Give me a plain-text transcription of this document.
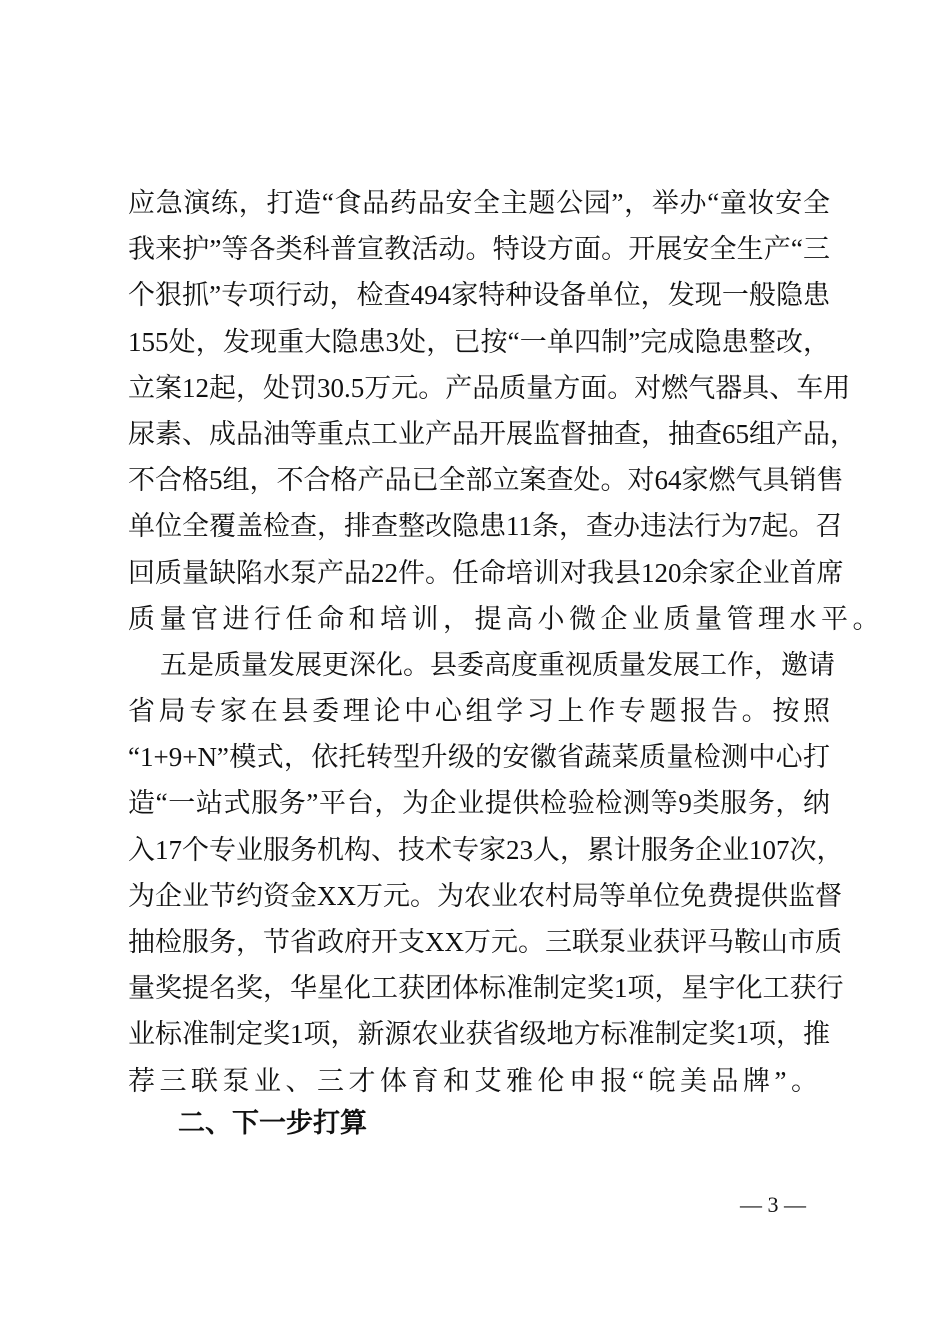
应急演练，打造“食品药品安全主题公园”，举办“童妆安全
我来护”等各类科普宣教活动。特设方面。开展安全生产“三
个狠抓”专项行动，检查494家特种设备单位，发现一般隐患
155处，发现重大隐患3处，已按“一单四制”完成隐患整改，
立案12起，处罚30.5万元。产品质量方面。对燃气器具、车用
尿素、成品油等重点工业产品开展监督抽查，抽查65组产品，
不合格5组，不合格产品已全部立案查处。对64家燃气具销售
单位全覆盖检查，排查整改隐患11条，查办违法行为7起。召
回质量缺陷水泵产品22件。任命培训对我县120余家企业首席
质量官进行任命和培训，提高小微企业质量管理水平。
五是质量发展更深化。县委高度重视质量发展工作，邀请
省局专家在县委理论中心组学习上作专题报告。按照
“1+9+N”模式，依托转型升级的安徽省蔬菜质量检测中心打
造“一站式服务”平台，为企业提供检验检测等9类服务，纳
入17个专业服务机构、技术专家23人，累计服务企业107次，
为企业节约资金XX万元。为农业农村局等单位免费提供监督
抽检服务，节省政府开支XX万元。三联泵业获评马鞍山市质
量奖提名奖，华星化工获团体标准制定奖1项，星宇化工获行
业标准制定奖1项，新源农业获省级地方标准制定奖1项，推
荐三联泵业、三才体育和艾雅伦申报“皖美品牌”。
二、下一步打算
— 3 —
